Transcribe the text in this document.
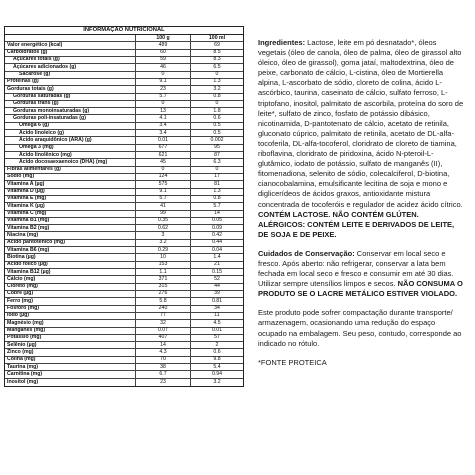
INFORMAÇÃO NUTRICIONAL
100 g	100 ml
Valor energético (kcal)	489	69
Carboidratos (g)	60	8.5
Açúcares totais (g)	59	8.3
Açúcares adicionados (g)	46	6.5
Sacarose (g)	0	0
Proteínas (g)	9.1	1.3
Gorduras totais (g)	23	3.2
Gorduras saturadas (g)	5.7	0.8
Gorduras trans (g)	0	0
Gorduras monoinsaturadas (g)	13	1.8
Gorduras poli-insaturadas (g)	4.1	0.6
Ômega 6 (g)	3.4	0.5
Ácido linoleico (g)	3.4	0.5
Ácido araquidônico (ARA) (g)	0.01	0.002
Ômega 3 (mg)	677	95
Ácido linolênico (mg)	621	87
Ácido docosaexaenoico (DHA) (mg)	45	6.3
Fibras alimentares (g)	0	0
Sódio (mg)	124	17
Vitamina A (µg)	575	81
Vitamina D (µg)	9.1	1.3
Vitamina E (mg)	5.7	0.8
Vitamina K (µg)	41	5.7
Vitamina C (mg)	99	14
Vitamina B1 (mg)	0.35	0.05
Vitamina B2 (mg)	0.62	0.09
Niacina (mg)	3	0.42
Ácido pantotênico (mg)	3.2	0.44
Vitamina B6 (mg)	0.29	0.04
Biotina (µg)	10	1.4
Ácido fólico (µg)	153	21
Vitamina B12 (µg)	1.1	0.15
Cálcio (mg)	371	52
Cloreto (mg)	315	44
Cobre (µg)	276	39
Ferro (mg)	5.8	0.81
Fósforo (mg)	240	34
Iodo (µg)	77	11
Magnésio (mg)	32	4.5
Manganês (mg)	0.07	0.01
Potássio (mg)	407	57
Selênio (µg)	14	2
Zinco (mg)	4.3	0.6
Colina (mg)	70	9.8
Taurina (mg)	38	5.4
Carnitina (mg)	6.7	0.94
Inositol (mg)	23	3.2

Ingredientes: Lactose, leite em pó desnatado*, óleos vegetais (óleo de canola, óleo de palma, óleo de girassol alto óleico, óleo de girassol), goma jataí, maltodextrina, óleo de peixe, carbonato de cálcio, L-cistina, óleo de Mortierella alpina, L-ascorbato de sódio, cloreto de colina, ácido L-ascórbico, taurina, caseinato de cálcio, sulfato ferroso, L-triptofano, inositol, palmitato de ascorbila, proteína do soro de leite*, sulfato de zinco, fosfato de potássio dibásico, nicotinamida, D-pantotenato de cálcio, acetato de retinila, gluconato cúprico, palmitato de retinila, acetato de DL-alfa-tocoferila, DL-alfa-tocoferol, cloridrato de cloreto de tiamina, riboflavina, cloridrato de piridoxina, ácido N-pteroil-L-glutâmico, iodato de potássio, sulfato de manganês (II), fitomenadiona, selenito de sódio, colecalciferol, D-biotina, cianocobalamina, emulsificante lecitina de soja e mono e diglicerídeos de ácidos graxos, antioxidante mistura concentrada de tocoferóis e regulador de acidez ácido cítrico. CONTÉM LACTOSE. NÃO CONTÉM GLÚTEN. ALÉRGICOS: CONTÉM LEITE E DERIVADOS DE LEITE, DE SOJA E DE PEIXE.

Cuidados de Conservação: Conservar em local seco e fresco. Após aberto: não refrigerar, conservar a lata bem fechada em local seco e fresco e consumir em até 30 dias. Utilizar sempre utensílios limpos e secos. NÃO CONSUMA O PRODUTO SE O LACRE METÁLICO ESTIVER VIOLADO.

Este produto pode sofrer compactação durante transporte/ armazenagem, ocasionando uma redução do espaço ocupado na embalagem. Seu peso, contudo, corresponde ao indicado no rótulo.

*FONTE PROTEICA
